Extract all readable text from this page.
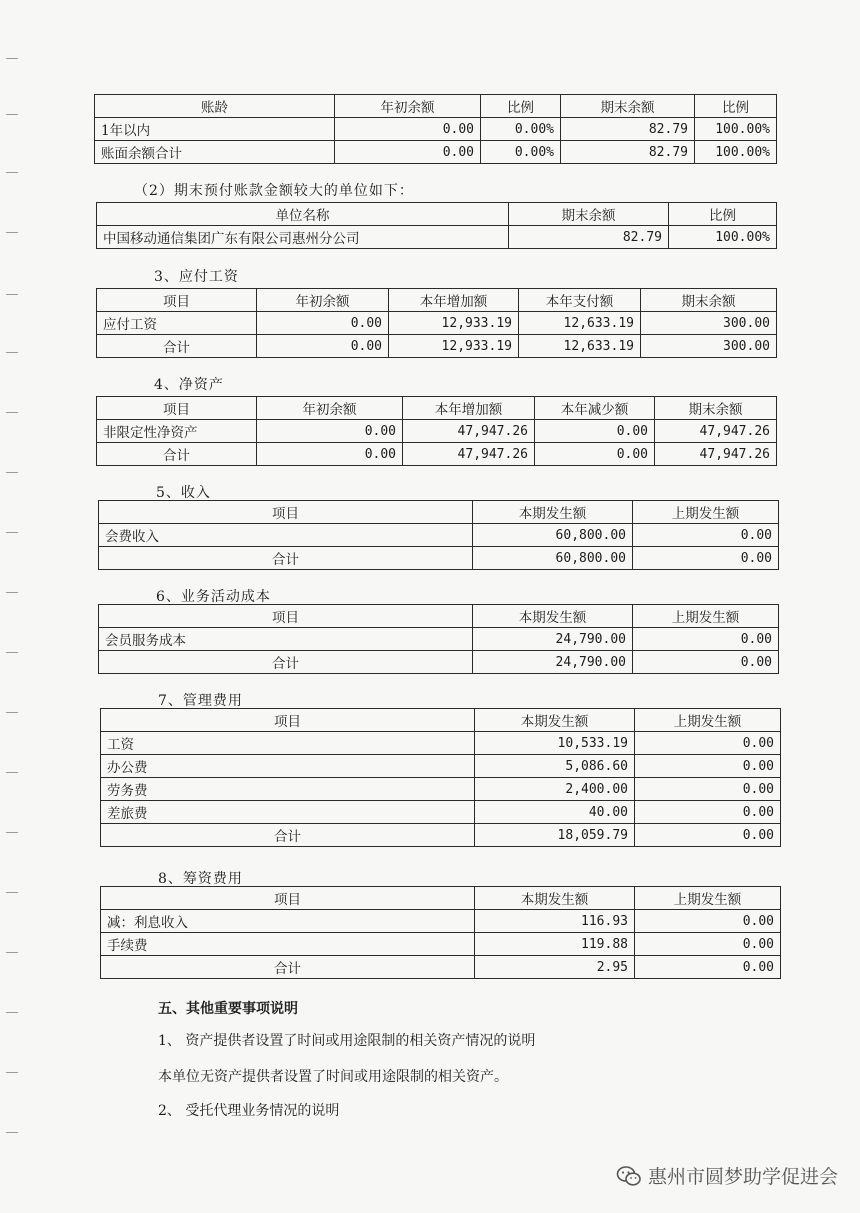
账龄	年初余额	比例	期末余额	比例
1年以内	0.00	0.00%	82.79	100.00%
账面余额合计	0.00	0.00%	82.79	100.00%
（2）期末预付账款金额较大的单位如下：
单位名称	期末余额	比例
中国移动通信集团广东有限公司惠州分公司	82.79	100.00%
3、应付工资
项目	年初余额	本年增加额	本年支付额	期末余额
应付工资	0.00	12,933.19	12,633.19	300.00
合计	0.00	12,933.19	12,633.19	300.00
4、净资产
项目	年初余额	本年增加额	本年减少额	期末余额
非限定性净资产	0.00	47,947.26	0.00	47,947.26
合计	0.00	47,947.26	0.00	47,947.26
5、收入
项目	本期发生额	上期发生额
会费收入	60,800.00	0.00
合计	60,800.00	0.00
6、业务活动成本
项目	本期发生额	上期发生额
会员服务成本	24,790.00	0.00
合计	24,790.00	0.00
7、管理费用
项目	本期发生额	上期发生额
工资	10,533.19	0.00
办公费	5,086.60	0.00
劳务费	2,400.00	0.00
差旅费	40.00	0.00
合计	18,059.79	0.00
8、筹资费用
项目	本期发生额	上期发生额
减：利息收入	116.93	0.00
手续费	119.88	0.00
合计	2.95	0.00
五、其他重要事项说明
1、 资产提供者设置了时间或用途限制的相关资产情况的说明
本单位无资产提供者设置了时间或用途限制的相关资产。
2、 受托代理业务情况的说明
惠州市圆梦助学促进会
